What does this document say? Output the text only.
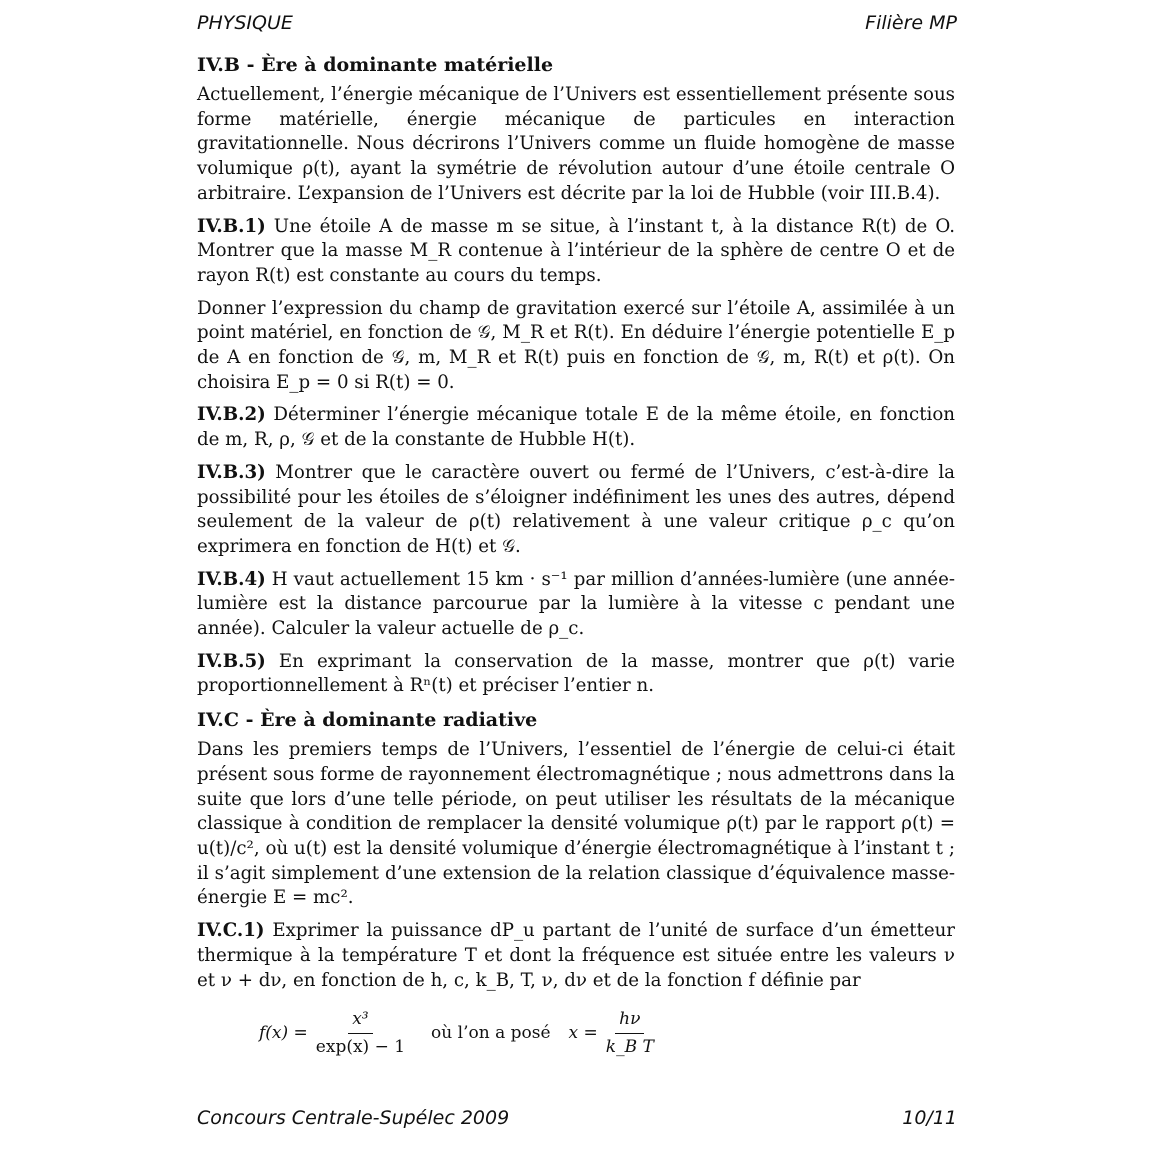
PHYSIQUE	Filière MP
IV.B - Ère à dominante matérielle

Actuellement, l’énergie mécanique de l’Univers est essentiellement présente sous forme matérielle, énergie mécanique de particules en interaction gravitationnelle. Nous décrirons l’Univers comme un fluide homogène de masse volumique ρ(t), ayant la symétrie de révolution autour d’une étoile centrale O arbitraire. L’expansion de l’Univers est décrite par la loi de Hubble (voir III.B.4).

IV.B.1) Une étoile A de masse m se situe, à l’instant t, à la distance R(t) de O. Montrer que la masse M_R contenue à l’intérieur de la sphère de centre O et de rayon R(t) est constante au cours du temps.

Donner l’expression du champ de gravitation exercé sur l’étoile A, assimilée à un point matériel, en fonction de 𝒢, M_R et R(t). En déduire l’énergie potentielle E_p de A en fonction de 𝒢, m, M_R et R(t) puis en fonction de 𝒢, m, R(t) et ρ(t). On choisira E_p = 0 si R(t) = 0.

IV.B.2) Déterminer l’énergie mécanique totale E de la même étoile, en fonction de m, R, ρ, 𝒢 et de la constante de Hubble H(t).

IV.B.3) Montrer que le caractère ouvert ou fermé de l’Univers, c’est-à-dire la possibilité pour les étoiles de s’éloigner indéfiniment les unes des autres, dépend seulement de la valeur de ρ(t) relativement à une valeur critique ρ_c qu’on exprimera en fonction de H(t) et 𝒢.

IV.B.4) H vaut actuellement 15 km · s⁻¹ par million d’années-lumière (une année-lumière est la distance parcourue par la lumière à la vitesse c pendant une année). Calculer la valeur actuelle de ρ_c.

IV.B.5) En exprimant la conservation de la masse, montrer que ρ(t) varie proportionnellement à Rⁿ(t) et préciser l’entier n.

IV.C - Ère à dominante radiative

Dans les premiers temps de l’Univers, l’essentiel de l’énergie de celui-ci était présent sous forme de rayonnement électromagnétique ; nous admettrons dans la suite que lors d’une telle période, on peut utiliser les résultats de la mécanique classique à condition de remplacer la densité volumique ρ(t) par le rapport ρ(t) = u(t)/c², où u(t) est la densité volumique d’énergie électromagnétique à l’instant t ; il s’agit simplement d’une extension de la relation classique d’équivalence masse-énergie E = mc².

IV.C.1) Exprimer la puissance dP_u partant de l’unité de surface d’un émetteur thermique à la température T et dont la fréquence est située entre les valeurs ν et ν + dν, en fonction de h, c, k_B, T, ν, dν et de la fonction f définie par

$f(x) = \frac{\text{x³}}{\exp(x) - 1}$ où l’on a posé $x = \frac{h\nu}{\text{k\_B T}}$
Concours Centrale-Supélec 2009	10/11
